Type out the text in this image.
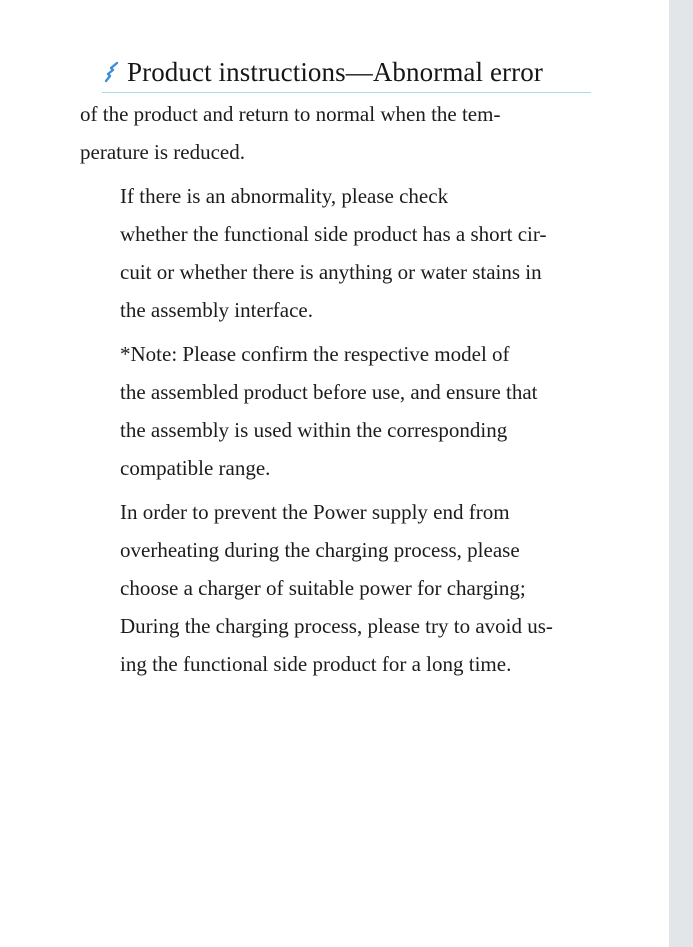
Product instructions—Abnormal error

of the product and return to normal when the tem-
perature is reduced.

If there is an abnormality, please check
whether the functional side product has a short cir-
cuit or whether there is anything or water stains in
the assembly interface.

*Note: Please confirm the respective model of
the assembled product before use, and ensure that
the assembly is used within the corresponding
compatible range.

In order to prevent the Power supply end from
overheating during the charging process, please
choose a charger of suitable power for charging;
During the charging process, please try to avoid us-
ing the functional side product for a long time.
